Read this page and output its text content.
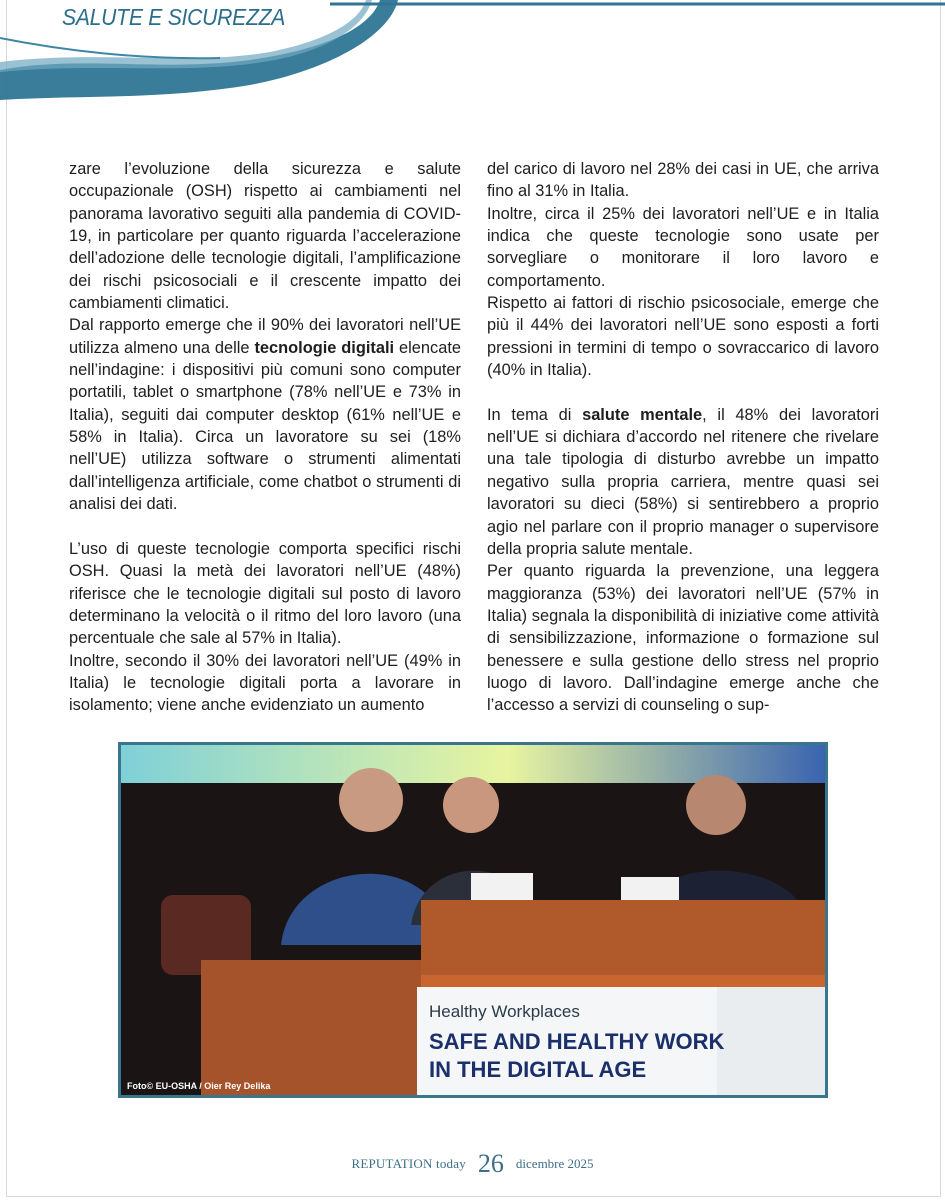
SALUTE E SICUREZZA

zare l’evoluzione della sicurezza e salute occupazionale (OSH) rispetto ai cambiamenti nel panorama lavorativo seguiti alla pandemia di COVID-19, in particolare per quanto riguarda l’accelerazione dell’adozione delle tecnologie digitali, l’amplificazione dei rischi psicosociali e il crescente impatto dei cambiamenti climatici.

Dal rapporto emerge che il 90% dei lavoratori nell’UE utilizza almeno una delle tecnologie digitali elencate nell’indagine: i dispositivi più comuni sono computer portatili, tablet o smartphone (78% nell’UE e 73% in Italia), seguiti dai computer desktop (61% nell’UE e 58% in Italia). Circa un lavoratore su sei (18% nell’UE) utilizza software o strumenti alimentati dall’intelligenza artificiale, come chatbot o strumenti di analisi dei dati.

L’uso di queste tecnologie comporta specifici rischi OSH. Quasi la metà dei lavoratori nell’UE (48%) riferisce che le tecnologie digitali sul posto di lavoro determinano la velocità o il ritmo del loro lavoro (una percentuale che sale al 57% in Italia).

Inoltre, secondo il 30% dei lavoratori nell’UE (49% in Italia) le tecnologie digitali porta a lavorare in isolamento; viene anche evidenziato un aumento

del carico di lavoro nel 28% dei casi in UE, che arriva fino al 31% in Italia.

Inoltre, circa il 25% dei lavoratori nell’UE e in Italia indica che queste tecnologie sono usate per sorvegliare o monitorare il loro lavoro e comportamento.

Rispetto ai fattori di rischio psicosociale, emerge che più il 44% dei lavoratori nell’UE sono esposti a forti pressioni in termini di tempo o sovraccarico di lavoro (40% in Italia).

In tema di salute mentale, il 48% dei lavoratori nell’UE si dichiara d’accordo nel ritenere che rivelare una tale tipologia di disturbo avrebbe un impatto negativo sulla propria carriera, mentre quasi sei lavoratori su dieci (58%) si sentirebbero a proprio agio nel parlare con il proprio manager o supervisore della propria salute mentale.

Per quanto riguarda la prevenzione, una leggera maggioranza (53%) dei lavoratori nell’UE (57% in Italia) segnala la disponibilità di iniziative come attività di sensibilizzazione, informazione o formazione sul benessere e sulla gestione dello stress nel proprio luogo di lavoro. Dall’indagine emerge anche che l’accesso a servizi di counseling o sup-

Healthy Workplaces
SAFE AND HEALTHY WORK
IN THE DIGITAL AGE
Foto© EU-OSHA / Oier Rey Delika
REPUTATION today 26 dicembre 2025
